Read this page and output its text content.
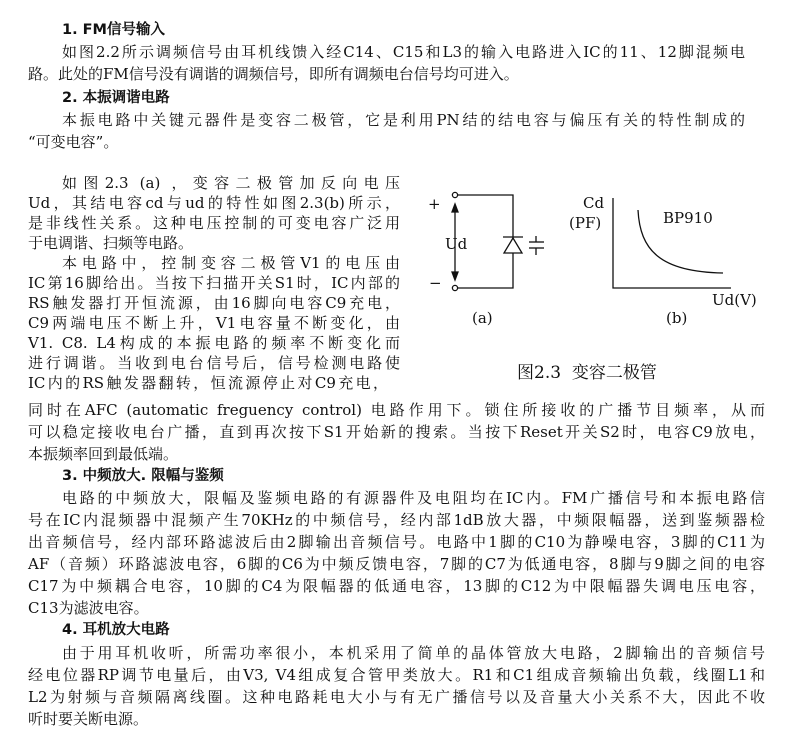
1. FM信号输入
如图2.2所示调频信号由耳机线馈入经C14、C15和L3的输入电路进入IC的11、12脚混频电
路。此处的FM信号没有调谐的调频信号，即所有调频电台信号均可进入。
2. 本振调谐电路
本振电路中关键元器件是变容二极管，它是利用PN结的结电容与偏压有关的特性制成的
“可变电容”。
如图2.3 (a) ，变容二极管加反向电压
Ud，其结电容cd与ud的特性如图2.3(b)所示，
是非线性关系。这种电压控制的可变电容广泛用
于电调谐、扫频等电路。
本电路中，控制变容二极管V1的电压由
IC第16脚给出。当按下扫描开关S1时，IC内部的
RS触发器打开恒流源，由16脚向电容C9充电，
C9两端电压不断上升，V1电容量不断变化，由
V1. C8. L4构成的本振电路的频率不断变化而
进行调谐。当收到电台信号后，信号检测电路使
IC内的RS触发器翻转，恒流源停止对C9充电，
同时在AFC (automatic freguency control) 电路作用下。锁住所接收的广播节目频率，从而
可以稳定接收电台广播，直到再次按下S1开始新的搜索。当按下Reset开关S2时，电容C9放电，
本振频率回到最低端。
+
−
Ud
(a)
Cd
(PF)	BP910
Ud(V)
(b)
图2.3  变容二极管
3. 中频放大. 限幅与鉴频
电路的中频放大，限幅及鉴频电路的有源器件及电阻均在IC内。FM广播信号和本振电路信
号在IC内混频器中混频产生70KHz的中频信号，经内部1dB放大器，中频限幅器，送到鉴频器检
出音频信号，经内部环路滤波后由2脚输出音频信号。电路中1脚的C10为静噪电容，3脚的C11为
AF（音频）环路滤波电容，6脚的C6为中频反馈电容，7脚的C7为低通电容，8脚与9脚之间的电容
C17为中频耦合电容，10脚的C4为限幅器的低通电容，13脚的C12为中限幅器失调电压电容，
C13为滤波电容。
4. 耳机放大电路
由于用耳机收听，所需功率很小，本机采用了简单的晶体管放大电路，2脚输出的音频信号
经电位器RP调节电量后，由V3, V4组成复合管甲类放大。R1和C1组成音频输出负载，线圈L1和
L2为射频与音频隔离线圈。这种电路耗电大小与有无广播信号以及音量大小关系不大，因此不收
听时要关断电源。
